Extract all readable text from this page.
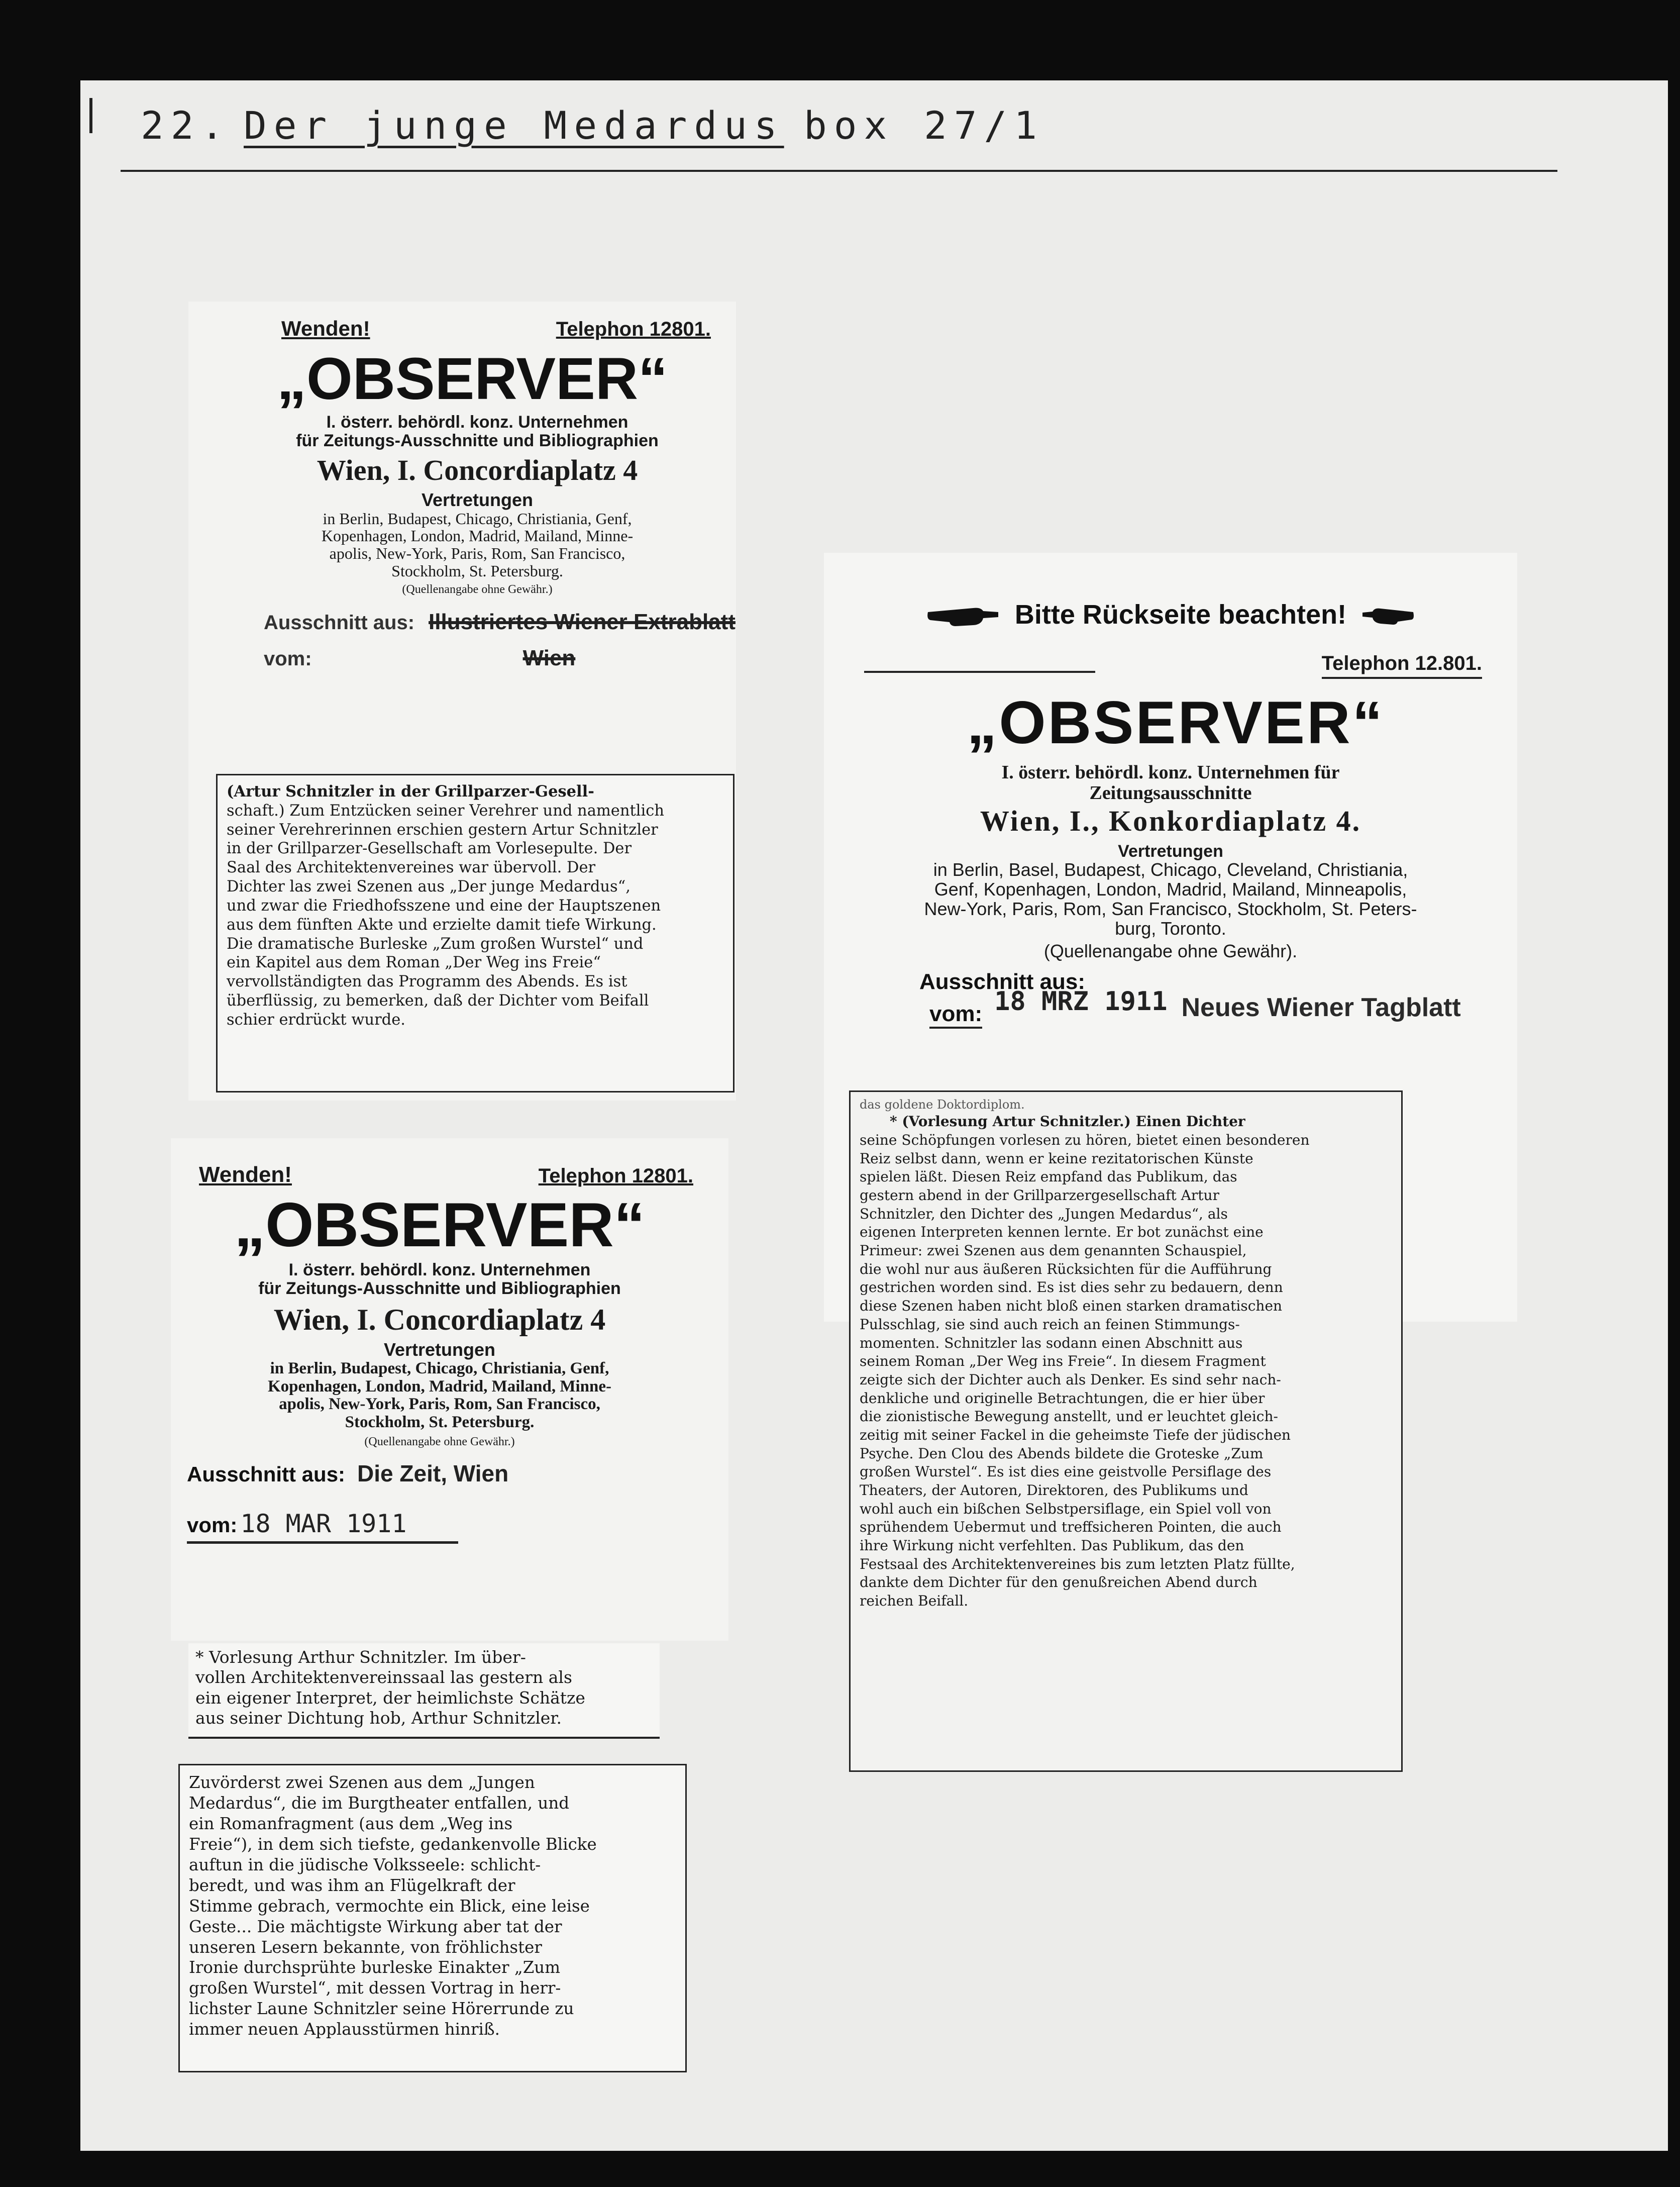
22. Der junge Medardus box 27/1
Wenden!	Telephon 12801.
„OBSERVER“
I. österr. behördl. konz. Unternehmen
für Zeitungs-Ausschnitte und Bibliographien
Wien, I. Concordiaplatz 4
Vertretungen
in Berlin, Budapest, Chicago, Christiania, Genf,
Kopenhagen, London, Madrid, Mailand, Minne-
apolis, New-York, Paris, Rom, San Francisco,
Stockholm, St. Petersburg.
(Quellenangabe ohne Gewähr.)
Ausschnitt aus: Illustriertes Wiener Extrablatt
vom:	Wien
(Artur Schnitzler in der Grillparzer-Gesell-
schaft.) Zum Entzücken seiner Verehrer und namentlich
seiner Verehrerinnen erschien gestern Artur Schnitzler
in der Grillparzer-Gesellschaft am Vorlesepulte. Der
Saal des Architektenvereines war übervoll. Der
Dichter las zwei Szenen aus „Der junge Medardus“,
und zwar die Friedhofsszene und eine der Hauptszenen
aus dem fünften Akte und erzielte damit tiefe Wirkung.
Die dramatische Burleske „Zum großen Wurstel“ und
ein Kapitel aus dem Roman „Der Weg ins Freie“
vervollständigten das Programm des Abends. Es ist
überflüssig, zu bemerken, daß der Dichter vom Beifall
schier erdrückt wurde.
Wenden!	Telephon 12801.
„OBSERVER“
I. österr. behördl. konz. Unternehmen
für Zeitungs-Ausschnitte und Bibliographien
Wien, I. Concordiaplatz 4
Vertretungen
in Berlin, Budapest, Chicago, Christiania, Genf,
Kopenhagen, London, Madrid, Mailand, Minne-
apolis, New-York, Paris, Rom, San Francisco,
Stockholm, St. Petersburg.
(Quellenangabe ohne Gewähr.)
Ausschnitt aus: Die Zeit, Wien
vom: 18 MAR 1911
* Vorlesung Arthur Schnitzler. Im über-
vollen Architektenvereinssaal las gestern als
ein eigener Interpret, der heimlichste Schätze
aus seiner Dichtung hob, Arthur Schnitzler.
Zuvörderst zwei Szenen aus dem „Jungen
Medardus“, die im Burgtheater entfallen, und
ein Romanfragment (aus dem „Weg ins
Freie“), in dem sich tiefste, gedankenvolle Blicke
auftun in die jüdische Volksseele: schlicht-
beredt, und was ihm an Flügelkraft der
Stimme gebrach, vermochte ein Blick, eine leise
Geste... Die mächtigste Wirkung aber tat der
unseren Lesern bekannte, von fröhlichster
Ironie durchsprühte burleske Einakter „Zum
großen Wurstel“, mit dessen Vortrag in herr-
lichster Laune Schnitzler seine Hörerrunde zu
immer neuen Applausstürmen hinriß.
Bitte Rückseite beachten!
Telephon 12.801.
„OBSERVER“
I. österr. behördl. konz. Unternehmen für
Zeitungsausschnitte
Wien, I., Konkordiaplatz 4.
Vertretungen
in Berlin, Basel, Budapest, Chicago, Cleveland, Christiania,
Genf, Kopenhagen, London, Madrid, Mailand, Minneapolis,
New-York, Paris, Rom, San Francisco, Stockholm, St. Peters-
burg, Toronto.
(Quellenangabe ohne Gewähr).
Ausschnitt aus:
vom: 18 MRZ 1911 Neues Wiener Tagblatt
das goldene Doktordiplom.
* (Vorlesung Artur Schnitzler.) Einen Dichter
seine Schöpfungen vorlesen zu hören, bietet einen besonderen
Reiz selbst dann, wenn er keine rezitatorischen Künste
spielen läßt. Diesen Reiz empfand das Publikum, das
gestern abend in der Grillparzergesellschaft Artur
Schnitzler, den Dichter des „Jungen Medardus“, als
eigenen Interpreten kennen lernte. Er bot zunächst eine
Primeur: zwei Szenen aus dem genannten Schauspiel,
die wohl nur aus äußeren Rücksichten für die Aufführung
gestrichen worden sind. Es ist dies sehr zu bedauern, denn
diese Szenen haben nicht bloß einen starken dramatischen
Pulsschlag, sie sind auch reich an feinen Stimmungs-
momenten. Schnitzler las sodann einen Abschnitt aus
seinem Roman „Der Weg ins Freie“. In diesem Fragment
zeigte sich der Dichter auch als Denker. Es sind sehr nach-
denkliche und originelle Betrachtungen, die er hier über
die zionistische Bewegung anstellt, und er leuchtet gleich-
zeitig mit seiner Fackel in die geheimste Tiefe der jüdischen
Psyche. Den Clou des Abends bildete die Groteske „Zum
großen Wurstel“. Es ist dies eine geistvolle Persiflage des
Theaters, der Autoren, Direktoren, des Publikums und
wohl auch ein bißchen Selbstpersiflage, ein Spiel voll von
sprühendem Uebermut und treffsicheren Pointen, die auch
ihre Wirkung nicht verfehlten. Das Publikum, das den
Festsaal des Architektenvereines bis zum letzten Platz füllte,
dankte dem Dichter für den genußreichen Abend durch
reichen Beifall.
